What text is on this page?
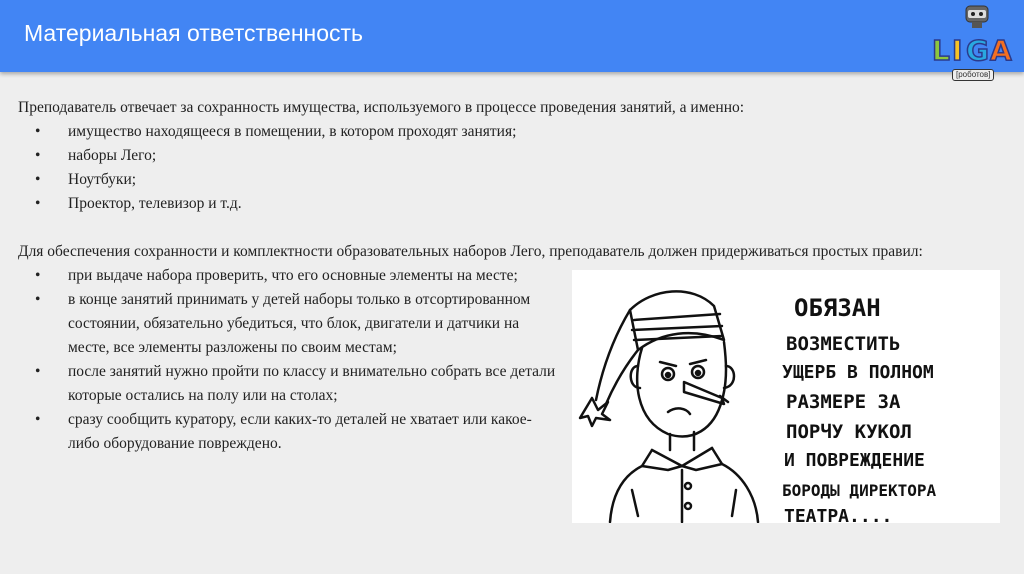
Материальная ответственность
L I G A
[роботов]
Преподаватель отвечает за сохранность имущества, используемого в процессе проведения занятий, а именно:
• имущество находящееся в помещении, в котором проходят занятия;
• наборы Лего;
• Ноутбуки;
• Проектор, телевизор и т.д.
Для обеспечения сохранности и комплектности образовательных наборов Лего, преподаватель должен придерживаться простых правил:
• при выдаче набора проверить, что его основные элементы на месте;
• в конце занятий принимать у детей наборы только в отсортированном состоянии, обязательно убедиться, что блок, двигатели и датчики на месте, все элементы разложены по своим местам;
• после занятий нужно пройти по классу и внимательно собрать все детали которые остались на полу или на столах;
• сразу сообщить куратору, если каких-то деталей не хватает или какое-либо оборудование повреждено.
ОБЯЗАН
ВОЗМЕСТИТЬ
УЩЕРБ В ПОЛНОМ
РАЗМЕРЕ ЗА
ПОРЧУ КУКОЛ
И ПОВРЕЖДЕНИЕ
БОРОДЫ ДИРЕКТОРА
ТЕАТРА....
